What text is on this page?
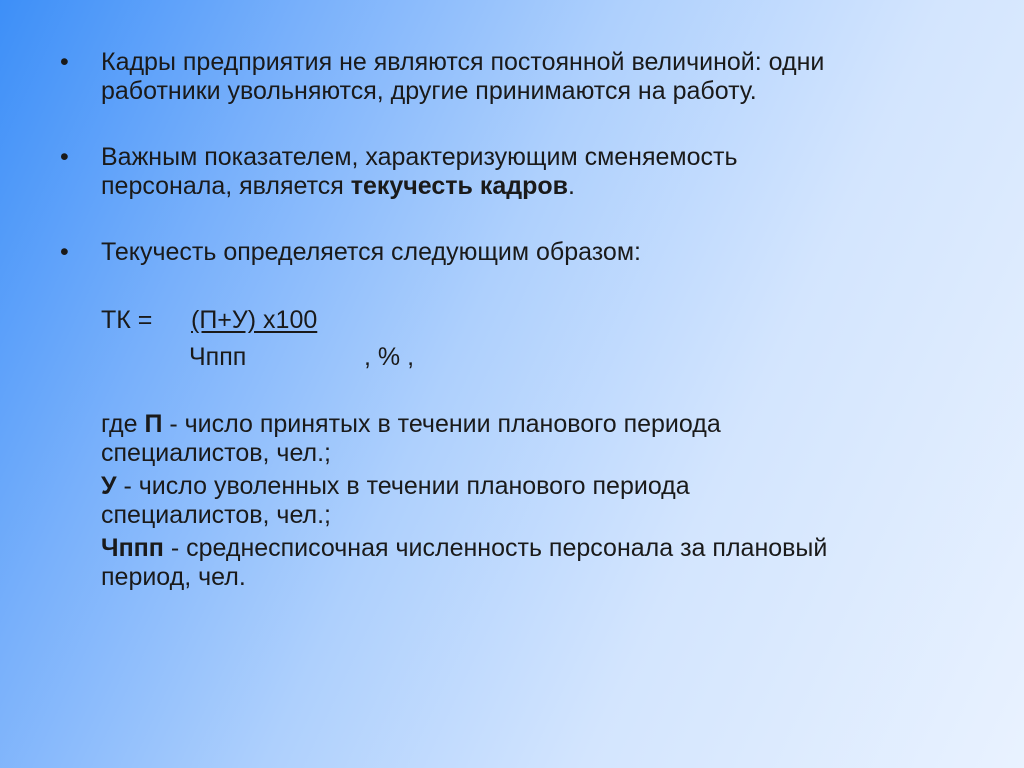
• Кадры предприятия не являются постоянной величиной: одни
работники увольняются, другие принимаются на работу.
• Важным показателем, характеризующим сменяемость
персонала, является текучесть кадров.
• Текучесть определяется следующим образом:
ТК = (П+У) х100
Чппп	, % ,
где П - число принятых в течении планового периода
специалистов, чел.;
У - число уволенных в течении планового периода
специалистов, чел.;
Чппп - среднесписочная численность персонала за плановый
период, чел.
